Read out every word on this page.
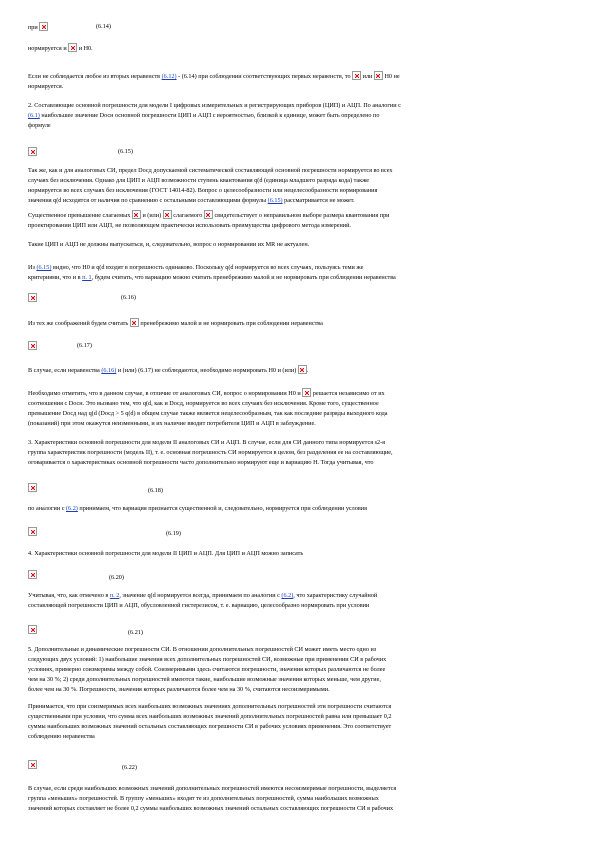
при	(6.14)
нормируется и и H0.
Если не соблюдается любое из вторых неравенств (6.12) - (6.14) при соблюдении соответствующих первых неравенств, то или H0 не
нормируется.
2. Составляющие основной погрешности для модели I цифровых измерительных и регистрирующих приборов (ЦИП) и АЦП. По аналогии с
(6.1) наибольшее значение Dосн основной погрешности ЦИП и АЦП с вероятностью, близкой к единице, может быть определено по
формуле
(6.15)
Так же, как и для аналоговых СИ, предел Dосд допускаемой систематической составляющей основной погрешности нормируется во всех
случаях без исключения. Однако для ЦИП и АЦП возможности ступень квантования q(d (единица младшего разряда кода) также
нормируется во всех случаях без исключения (ГОСТ 14014-82). Вопрос о целесообразности или нецелесообразности нормирования
значения q(d исходятся от наличия по сравнению с остальными составляющими формулы (6.15) рассматривается не может.
Существенное превышение слагаемых и (или) слагаемого свидетельствует о неправильном выборе размера квантования при
проектировании ЦИП или АЦП, не позволяющем практически использовать преимущества цифрового метода измерений.
Такие ЦИП и АЦП не должны выпускаться, и, следовательно, вопрос о нормировании их MR не актуален.
Из (6.15) видно, что H0 и q(d входят в погрешность одинаково. Поскольку q(d нормируется во всех случаях, пользуясь теми же
критериями, что и в п. 1, будем считать, что вариацию можно считать пренебрежимо малой и не нормировать при соблюдении неравенства
(6.16)
Из тех же соображений будем считать пренебрежимо малой и не нормировать при соблюдении неравенства
(6.17)
В случае, если неравенства (6.16) и (или) (6.17) не соблюдаются, необходимо нормировать H0 и (или) .
Необходимо отметить, что в данном случае, в отличие от аналоговых СИ, вопрос о нормировании H0 и решается независимо от их
соотношения с Dосн. Это вызвано тем, что q(d, как и Dосд, нормируется во всех случаях без исключения. Кроме того, существенное
превышение Dосд над q(d (Dосд > 5 q(d) в общем случае также является нецелесообразным, так как последние разряды выходного кода
(показаний) при этом окажутся неизменными, и их наличие вводит потребителя ЦИП и АЦП в заблуждение.
3. Характеристики основной погрешности для модели II аналоговых СИ и АЦП. В случае, если для СИ данного типа нормируется s2-я
группа характеристик погрешности (модель II), т. е. основная погрешность СИ нормируется в целом, без разделения ее на составляющие,
оговаривается о характеристиках основной погрешности часто дополнительно нормируют еще и вариацию H. Тогда учитывая, что
(6.18)
по аналогии с (6.2) принимаем, что вариация признается существенной и, следовательно, нормируется при соблюдении условия
(6.19)
4. Характеристики основной погрешности для модели II ЦИП и АЦП. Для ЦИП и АЦП можно записать
(6.20)
Учитывая, что, как отмечено в п. 2, значение q(d нормируется всегда, принимаем по аналогии с (6.2), что характеристику случайной
составляющей погрешности ЦИП и АЦП, обусловленной гистерезисом, т. е. вариацию, целесообразно нормировать при условии
(6.21)
5. Дополнительные и динамические погрешности СИ. В отношении дополнительных погрешностей СИ может иметь место одно из
следующих двух условий: 1) наибольшие значения всех дополнительных погрешностей СИ, возможные при применении СИ в рабочих
условиях, примерно соизмеримы между собой. Соизмеримыми здесь считаются погрешности, значения которых различаются не более
чем на 30 %; 2) среди дополнительных погрешностей имеются такие, наибольшие возможные значения которых меньше, чем другие,
более чем на 30 %. Погрешности, значения которых различаются более чем на 30 %, считаются несоизмеримыми.
Принимается, что при соизмеримых всех наибольших возможных значениях дополнительных погрешностей эти погрешности считаются
существенными при условии, что сумма всех наибольших возможных значений дополнительных погрешностей равна или превышает 0,2
суммы наибольших возможных значений остальных составляющих погрешности СИ в рабочих условиях применения. Это соответствует
соблюдению неравенства
(6.22)
В случае, если среди наибольших возможных значений дополнительных погрешностей имеются несоизмеримые погрешности, выделяется
группа «меньших» погрешностей. В группу «меньших» входят те из дополнительных погрешностей, сумма наибольших возможных
значений которых составляет не более 0,2 суммы наибольших возможных значений остальных составляющих погрешности СИ в рабочих
